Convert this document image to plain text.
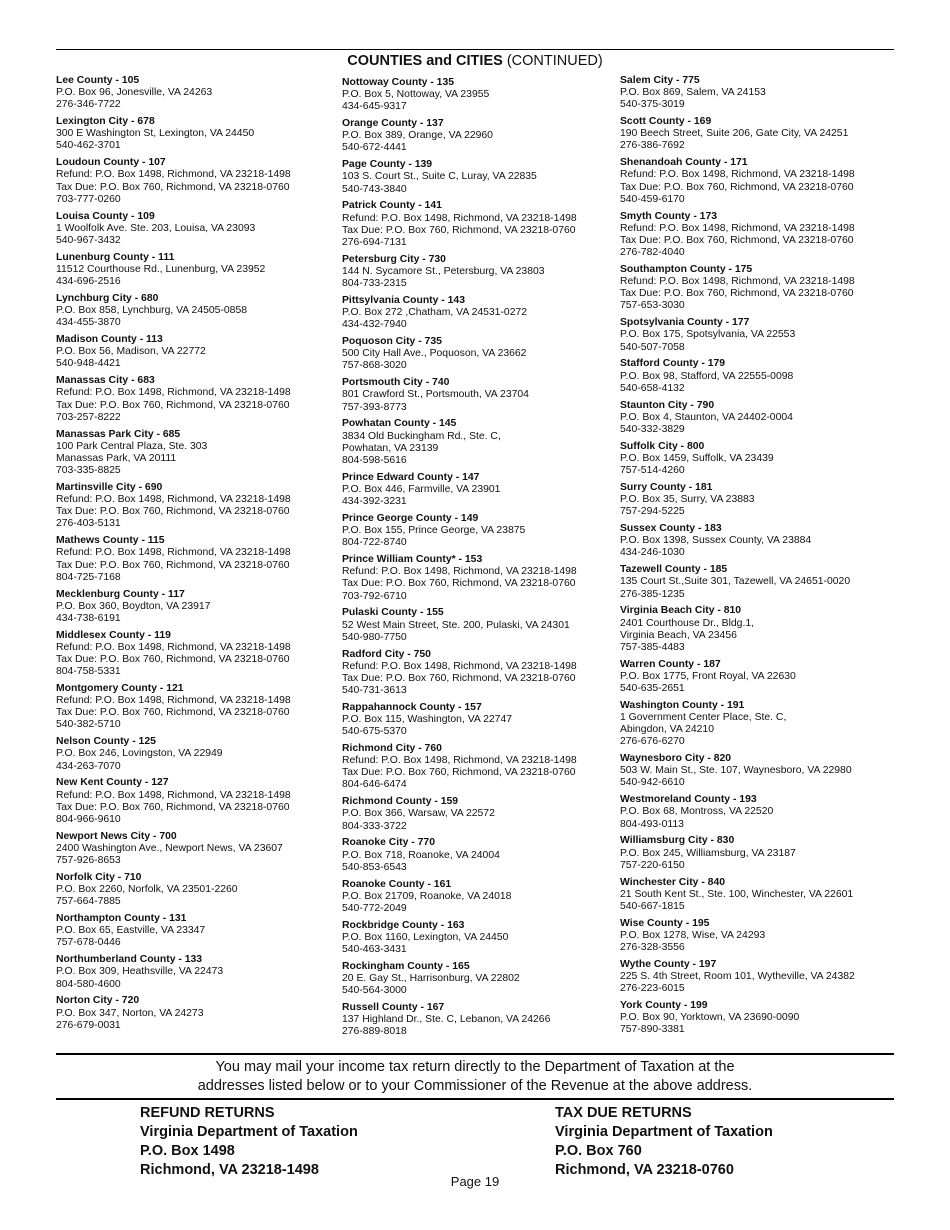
COUNTIES and CITIES (CONTINUED)
Lee County - 105
P.O. Box 96, Jonesville, VA 24263
276-346-7722
Lexington City - 678
300 E Washington St, Lexington, VA 24450
540-462-3701
Loudoun County - 107
Refund: P.O. Box 1498, Richmond, VA 23218-1498
Tax Due: P.O. Box 760, Richmond, VA 23218-0760
703-777-0260
Louisa County - 109
1 Woolfolk Ave. Ste. 203, Louisa, VA 23093
540-967-3432
Lunenburg County - 111
11512 Courthouse Rd., Lunenburg, VA 23952
434-696-2516
Lynchburg City - 680
P.O. Box 858, Lynchburg, VA 24505-0858
434-455-3870
Madison County - 113
P.O. Box 56, Madison, VA 22772
540-948-4421
Manassas City - 683
Refund: P.O. Box 1498, Richmond, VA 23218-1498
Tax Due: P.O. Box 760, Richmond, VA 23218-0760
703-257-8222
Manassas Park City - 685
100 Park Central Plaza, Ste. 303
Manassas Park, VA 20111
703-335-8825
Martinsville City - 690
Refund: P.O. Box 1498, Richmond, VA 23218-1498
Tax Due: P.O. Box 760, Richmond, VA 23218-0760
276-403-5131
Mathews County - 115
Refund: P.O. Box 1498, Richmond, VA 23218-1498
Tax Due: P.O. Box 760, Richmond, VA 23218-0760
804-725-7168
Mecklenburg County - 117
P.O. Box 360, Boydton, VA 23917
434-738-6191
Middlesex County - 119
Refund: P.O. Box 1498, Richmond, VA 23218-1498
Tax Due: P.O. Box 760, Richmond, VA 23218-0760
804-758-5331
Montgomery County - 121
Refund: P.O. Box 1498, Richmond, VA 23218-1498
Tax Due: P.O. Box 760, Richmond, VA 23218-0760
540-382-5710
Nelson County - 125
P.O. Box 246, Lovingston, VA 22949
434-263-7070
New Kent County - 127
Refund: P.O. Box 1498, Richmond, VA 23218-1498
Tax Due: P.O. Box 760, Richmond, VA 23218-0760
804-966-9610
Newport News City - 700
2400 Washington Ave., Newport News, VA 23607
757-926-8653
Norfolk City - 710
P.O. Box 2260, Norfolk, VA 23501-2260
757-664-7885
Northampton County - 131
P.O. Box 65, Eastville, VA 23347
757-678-0446
Northumberland County - 133
P.O. Box 309, Heathsville, VA 22473
804-580-4600
Norton City - 720
P.O. Box 347, Norton, VA 24273
276-679-0031
Nottoway County - 135
P.O. Box 5, Nottoway, VA 23955
434-645-9317
Orange County - 137
P.O. Box 389, Orange, VA 22960
540-672-4441
Page County - 139
103 S. Court St., Suite C, Luray, VA 22835
540-743-3840
Patrick County - 141
Refund: P.O. Box 1498, Richmond, VA 23218-1498
Tax Due: P.O. Box 760, Richmond, VA 23218-0760
276-694-7131
Petersburg City - 730
144 N. Sycamore St., Petersburg, VA 23803
804-733-2315
Pittsylvania County - 143
P.O. Box 272 ,Chatham, VA 24531-0272
434-432-7940
Poquoson City - 735
500 City Hall Ave., Poquoson, VA 23662
757-868-3020
Portsmouth City - 740
801 Crawford St., Portsmouth, VA 23704
757-393-8773
Powhatan County - 145
3834 Old Buckingham Rd., Ste. C,
Powhatan, VA 23139
804-598-5616
Prince Edward County - 147
P.O. Box 446, Farmville, VA 23901
434-392-3231
Prince George County - 149
P.O. Box 155, Prince George, VA 23875
804-722-8740
Prince William County* - 153
Refund: P.O. Box 1498, Richmond, VA 23218-1498
Tax Due: P.O. Box 760, Richmond, VA 23218-0760
703-792-6710
Pulaski County - 155
52 West Main Street, Ste. 200, Pulaski, VA 24301
540-980-7750
Radford City - 750
Refund: P.O. Box 1498, Richmond, VA 23218-1498
Tax Due: P.O. Box 760, Richmond, VA 23218-0760
540-731-3613
Rappahannock County - 157
P.O. Box 115, Washington, VA 22747
540-675-5370
Richmond City - 760
Refund: P.O. Box 1498, Richmond, VA 23218-1498
Tax Due: P.O. Box 760, Richmond, VA 23218-0760
804-646-6474
Richmond County - 159
P.O. Box 366, Warsaw, VA 22572
804-333-3722
Roanoke City - 770
P.O. Box 718, Roanoke, VA 24004
540-853-6543
Roanoke County - 161
P.O. Box 21709, Roanoke, VA 24018
540-772-2049
Rockbridge County - 163
P.O. Box 1160, Lexington, VA 24450
540-463-3431
Rockingham County - 165
20 E. Gay St., Harrisonburg, VA 22802
540-564-3000
Russell County - 167
137 Highland Dr., Ste. C, Lebanon, VA 24266
276-889-8018
Salem City - 775
P.O. Box 869, Salem, VA 24153
540-375-3019
Scott County - 169
190 Beech Street, Suite 206, Gate City, VA 24251
276-386-7692
Shenandoah County - 171
Refund: P.O. Box 1498, Richmond, VA 23218-1498
Tax Due: P.O. Box 760, Richmond, VA 23218-0760
540-459-6170
Smyth County - 173
Refund: P.O. Box 1498, Richmond, VA 23218-1498
Tax Due: P.O. Box 760, Richmond, VA 23218-0760
276-782-4040
Southampton County - 175
Refund: P.O. Box 1498, Richmond, VA 23218-1498
Tax Due: P.O. Box 760, Richmond, VA 23218-0760
757-653-3030
Spotsylvania County - 177
P.O. Box 175, Spotsylvania, VA 22553
540-507-7058
Stafford County - 179
P.O. Box 98, Stafford, VA 22555-0098
540-658-4132
Staunton City - 790
P.O. Box 4, Staunton, VA 24402-0004
540-332-3829
Suffolk City - 800
P.O. Box 1459, Suffolk, VA 23439
757-514-4260
Surry County - 181
P.O. Box 35, Surry, VA 23883
757-294-5225
Sussex County - 183
P.O. Box 1398, Sussex County, VA 23884
434-246-1030
Tazewell County - 185
135 Court St.,Suite 301, Tazewell, VA 24651-0020
276-385-1235
Virginia Beach City - 810
2401 Courthouse Dr., Bldg.1,
Virginia Beach, VA 23456
757-385-4483
Warren County - 187
P.O. Box 1775, Front Royal, VA 22630
540-635-2651
Washington County - 191
1 Government Center Place, Ste. C,
Abingdon, VA 24210
276-676-6270
Waynesboro City - 820
503 W. Main St., Ste. 107, Waynesboro, VA 22980
540-942-6610
Westmoreland County - 193
P.O. Box 68, Montross, VA 22520
804-493-0113
Williamsburg City - 830
P.O. Box 245, Williamsburg, VA 23187
757-220-6150
Winchester City - 840
21 South Kent St., Ste. 100, Winchester, VA 22601
540-667-1815
Wise County - 195
P.O. Box 1278, Wise, VA 24293
276-328-3556
Wythe County - 197
225 S. 4th Street, Room 101, Wytheville, VA 24382
276-223-6015
York County - 199
P.O. Box 90, Yorktown, VA 23690-0090
757-890-3381
You may mail your income tax return directly to the Department of Taxation at the
addresses listed below or to your Commissioner of the Revenue at the above address.
REFUND RETURNS
Virginia Department of Taxation
P.O. Box 1498
Richmond, VA 23218-1498
TAX DUE RETURNS
Virginia Department of Taxation
P.O. Box 760
Richmond, VA 23218-0760
Page 19
